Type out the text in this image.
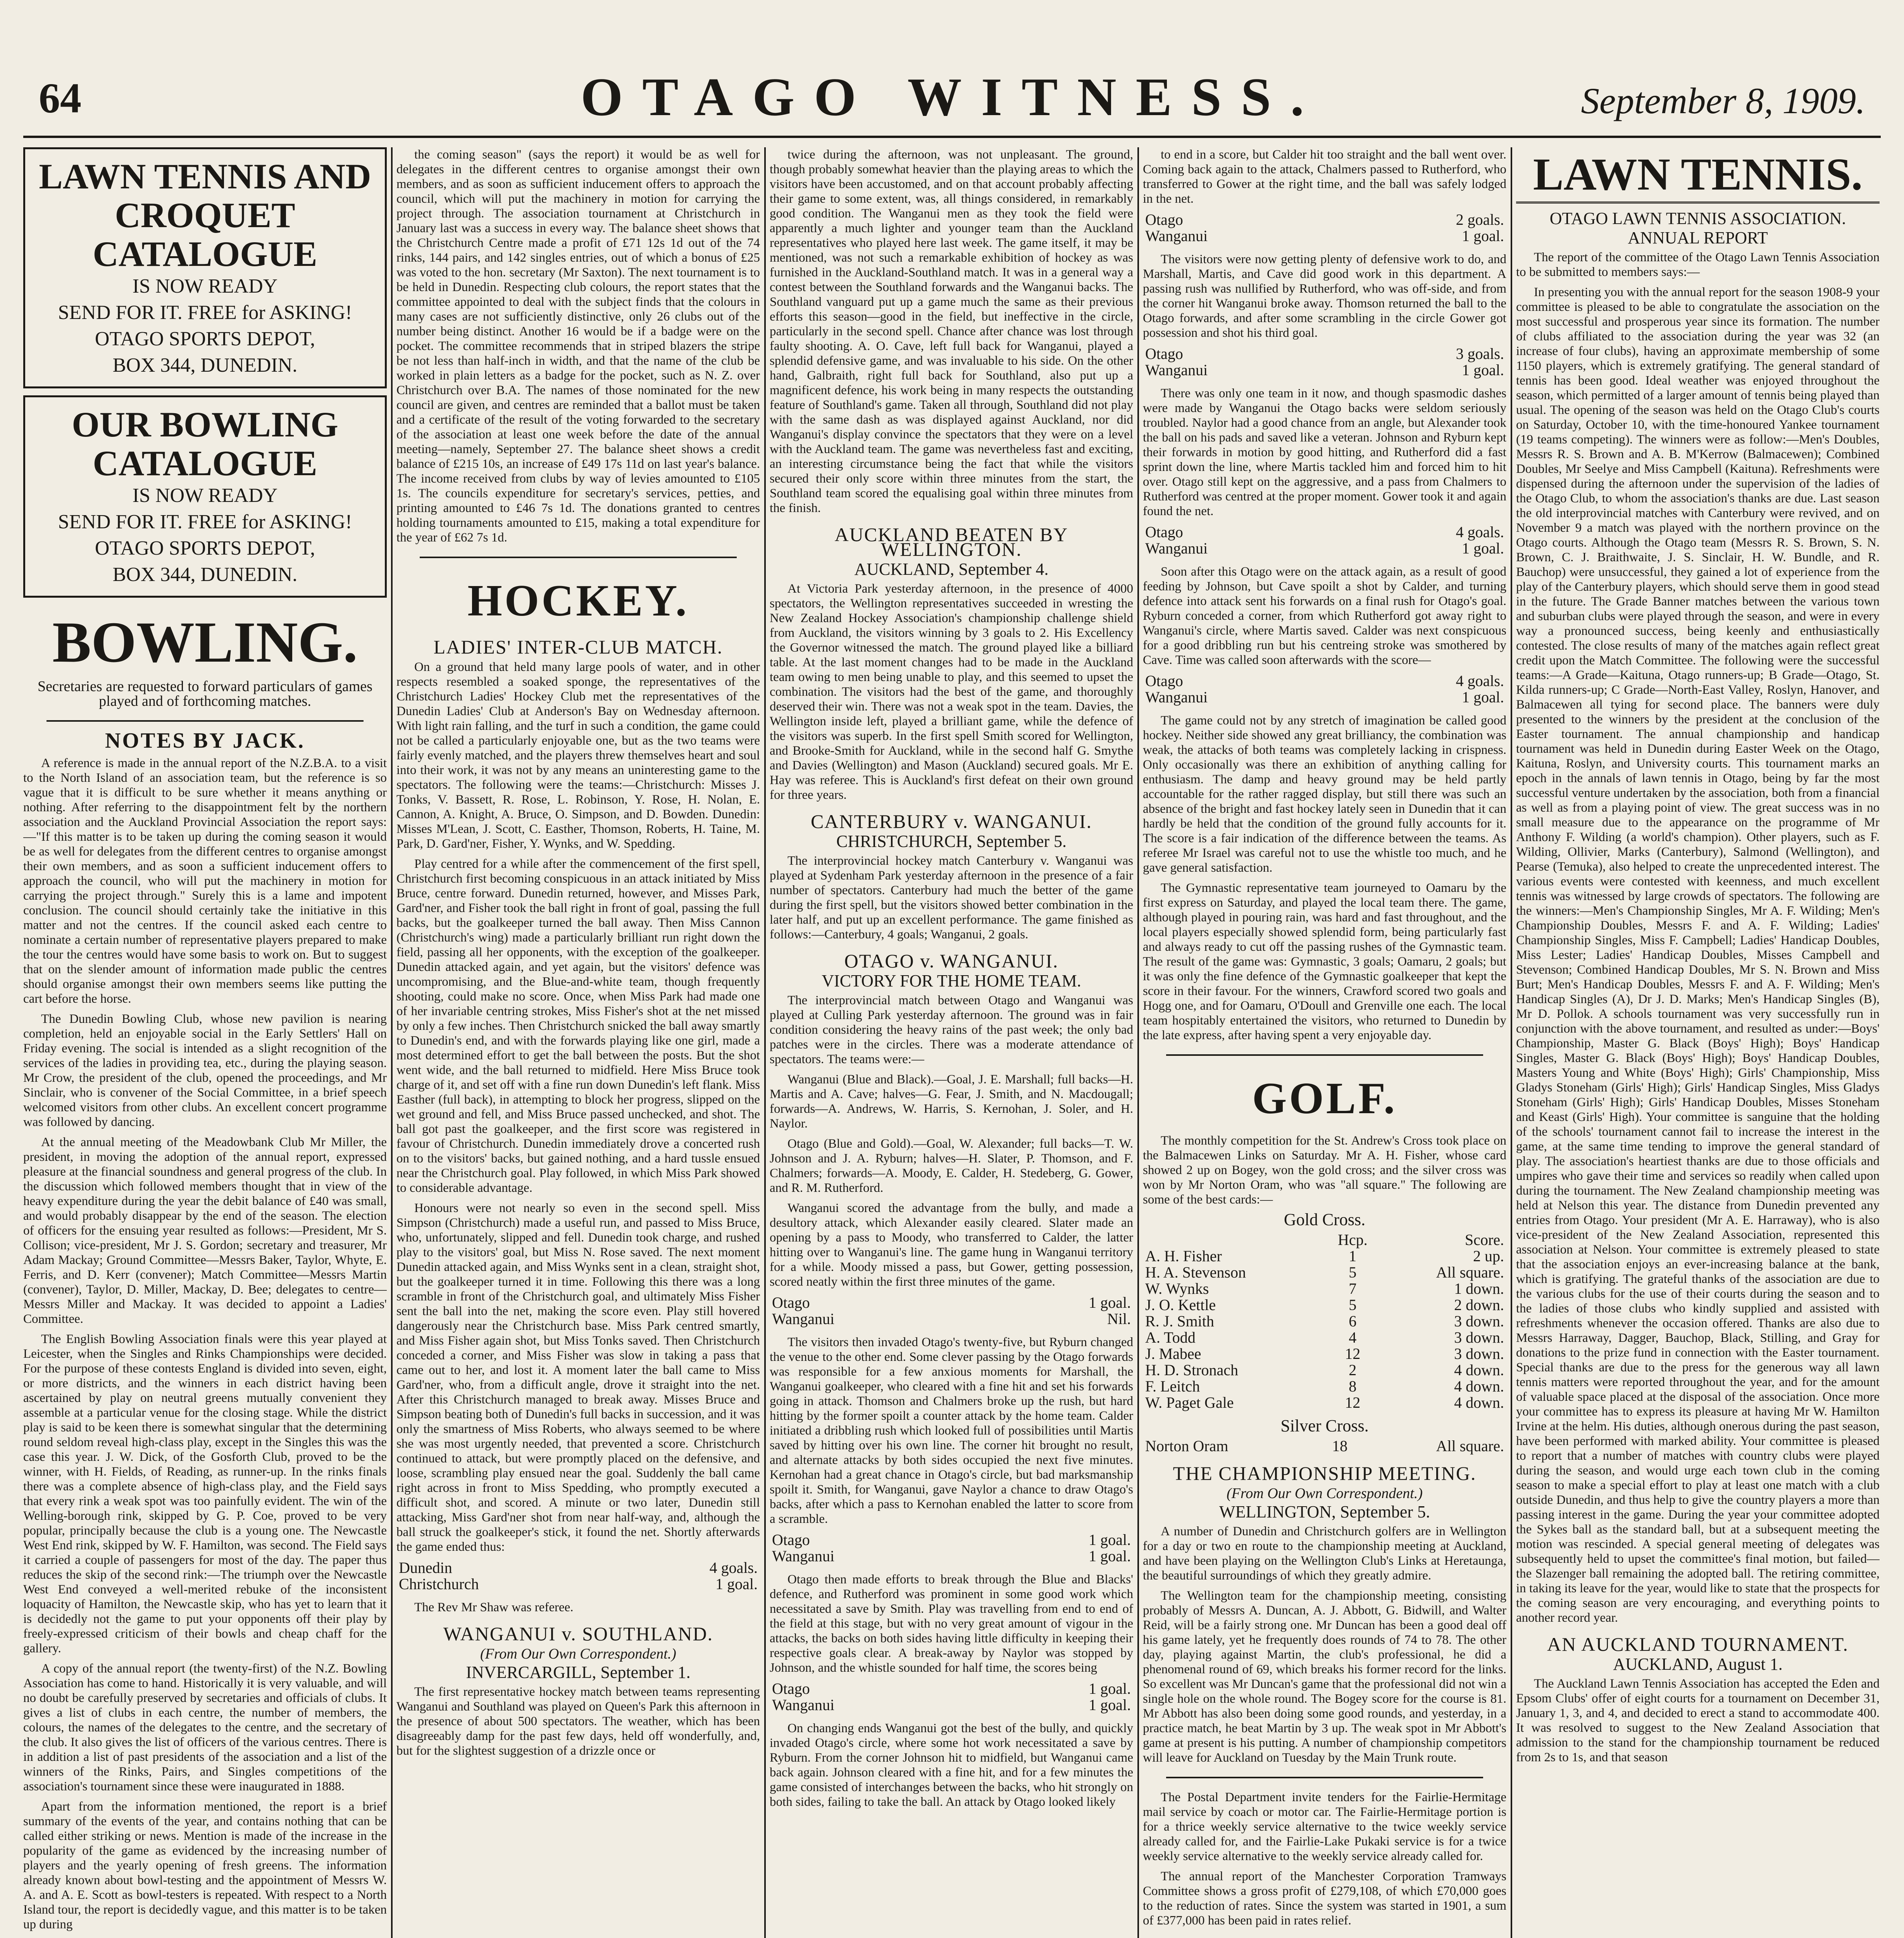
64	OTAGO WITNESS.	September 8, 1909.
LAWN TENNIS AND CROQUET
CATALOGUE
IS NOW READY
SEND FOR IT. FREE for ASKING!
OTAGO SPORTS DEPOT,
BOX 344, DUNEDIN.
OUR BOWLING CATALOGUE
IS NOW READY
SEND FOR IT. FREE for ASKING!
OTAGO SPORTS DEPOT,
BOX 344, DUNEDIN.
BOWLING.
Secretaries are requested to forward particulars of games played and of forthcoming matches.
NOTES BY JACK.

A reference is made in the annual report of the N.Z.B.A. to a visit to the North Island of an association team, but the reference is so vague that it is difficult to be sure whether it means anything or nothing. After referring to the disappointment felt by the northern association and the Auckland Provincial Association the report says:—"If this matter is to be taken up during the coming season it would be as well for delegates from the different centres to organise amongst their own members, and as soon a sufficient inducement offers to approach the council, who will put the machinery in motion for carrying the project through." Surely this is a lame and impotent conclusion. The council should certainly take the initiative in this matter and not the centres. If the council asked each centre to nominate a certain number of representative players prepared to make the tour the centres would have some basis to work on. But to suggest that on the slender amount of information made public the centres should organise amongst their own members seems like putting the cart before the horse.

The Dunedin Bowling Club, whose new pavilion is nearing completion, held an enjoyable social in the Early Settlers' Hall on Friday evening. The social is intended as a slight recognition of the services of the ladies in providing tea, etc., during the playing season. Mr Crow, the president of the club, opened the proceedings, and Mr Sinclair, who is convener of the Social Committee, in a brief speech welcomed visitors from other clubs. An excellent concert programme was followed by dancing.

At the annual meeting of the Meadowbank Club Mr Miller, the president, in moving the adoption of the annual report, expressed pleasure at the financial soundness and general progress of the club. In the discussion which followed members thought that in view of the heavy expenditure during the year the debit balance of £40 was small, and would probably disappear by the end of the season. The election of officers for the ensuing year resulted as follows:—President, Mr S. Collison; vice-president, Mr J. S. Gordon; secretary and treasurer, Mr Adam Mackay; Ground Committee—Messrs Baker, Taylor, Whyte, E. Ferris, and D. Kerr (convener); Match Committee—Messrs Martin (convener), Taylor, D. Miller, Mackay, D. Bee; delegates to centre—Messrs Miller and Mackay. It was decided to appoint a Ladies' Committee.

The English Bowling Association finals were this year played at Leicester, when the Singles and Rinks Championships were decided. For the purpose of these contests England is divided into seven, eight, or more districts, and the winners in each district having been ascertained by play on neutral greens mutually convenient they assemble at a particular venue for the closing stage. While the district play is said to be keen there is somewhat singular that the determining round seldom reveal high-class play, except in the Singles this was the case this year. J. W. Dick, of the Gosforth Club, proved to be the winner, with H. Fields, of Reading, as runner-up. In the rinks finals there was a complete absence of high-class play, and the Field says that every rink a weak spot was too painfully evident. The win of the Welling-borough rink, skipped by G. P. Coe, proved to be very popular, principally because the club is a young one. The Newcastle West End rink, skipped by W. F. Hamilton, was second. The Field says it carried a couple of passengers for most of the day. The paper thus reduces the skip of the second rink:—The triumph over the Newcastle West End conveyed a well-merited rebuke of the inconsistent loquacity of Hamilton, the Newcastle skip, who has yet to learn that it is decidedly not the game to put your opponents off their play by freely-expressed criticism of their bowls and cheap chaff for the gallery.

A copy of the annual report (the twenty-first) of the N.Z. Bowling Association has come to hand. Historically it is very valuable, and will no doubt be carefully preserved by secretaries and officials of clubs. It gives a list of clubs in each centre, the number of members, the colours, the names of the delegates to the centre, and the secretary of the club. It also gives the list of officers of the various centres. There is in addition a list of past presidents of the association and a list of the winners of the Rinks, Pairs, and Singles competitions of the association's tournament since these were inaugurated in 1888.

Apart from the information mentioned, the report is a brief summary of the events of the year, and contains nothing that can be called either striking or news. Mention is made of the increase in the popularity of the game as evidenced by the increasing number of players and the yearly opening of fresh greens. The information already known about bowl-testing and the appointment of Messrs W. A. and A. E. Scott as bowl-testers is repeated. With respect to a North Island tour, the report is decidedly vague, and this matter is to be taken up during

the coming season" (says the report) it would be as well for delegates in the different centres to organise amongst their own members, and as soon as sufficient inducement offers to approach the council, which will put the machinery in motion for carrying the project through. The association tournament at Christchurch in January last was a success in every way. The balance sheet shows that the Christchurch Centre made a profit of £71 12s 1d out of the 74 rinks, 144 pairs, and 142 singles entries, out of which a bonus of £25 was voted to the hon. secretary (Mr Saxton). The next tournament is to be held in Dunedin. Respecting club colours, the report states that the committee appointed to deal with the subject finds that the colours in many cases are not sufficiently distinctive, only 26 clubs out of the number being distinct. Another 16 would be if a badge were on the pocket. The committee recommends that in striped blazers the stripe be not less than half-inch in width, and that the name of the club be worked in plain letters as a badge for the pocket, such as N. Z. over Christchurch over B.A. The names of those nominated for the new council are given, and centres are reminded that a ballot must be taken and a certificate of the result of the voting forwarded to the secretary of the association at least one week before the date of the annual meeting—namely, September 27. The balance sheet shows a credit balance of £215 10s, an increase of £49 17s 11d on last year's balance. The income received from clubs by way of levies amounted to £105 1s. The councils expenditure for secretary's services, petties, and printing amounted to £46 7s 1d. The donations granted to centres holding tournaments amounted to £15, making a total expenditure for the year of £62 7s 1d.

HOCKEY.
LADIES' INTER-CLUB MATCH.

On a ground that held many large pools of water, and in other respects resembled a soaked sponge, the representatives of the Christchurch Ladies' Hockey Club met the representatives of the Dunedin Ladies' Club at Anderson's Bay on Wednesday afternoon. With light rain falling, and the turf in such a condition, the game could not be called a particularly enjoyable one, but as the two teams were fairly evenly matched, and the players threw themselves heart and soul into their work, it was not by any means an uninteresting game to the spectators. The following were the teams:—Christchurch: Misses J. Tonks, V. Bassett, R. Rose, L. Robinson, Y. Rose, H. Nolan, E. Cannon, A. Knight, A. Bruce, O. Simpson, and D. Bowden. Dunedin: Misses M'Lean, J. Scott, C. Easther, Thomson, Roberts, H. Taine, M. Park, D. Gard'ner, Fisher, Y. Wynks, and W. Spedding.

Play centred for a while after the commencement of the first spell, Christchurch first becoming conspicuous in an attack initiated by Miss Bruce, centre forward. Dunedin returned, however, and Misses Park, Gard'ner, and Fisher took the ball right in front of goal, passing the full backs, but the goalkeeper turned the ball away. Then Miss Cannon (Christchurch's wing) made a particularly brilliant run right down the field, passing all her opponents, with the exception of the goalkeeper. Dunedin attacked again, and yet again, but the visitors' defence was uncompromising, and the Blue-and-white team, though frequently shooting, could make no score. Once, when Miss Park had made one of her invariable centring strokes, Miss Fisher's shot at the net missed by only a few inches. Then Christchurch snicked the ball away smartly to Dunedin's end, and with the forwards playing like one girl, made a most determined effort to get the ball between the posts. But the shot went wide, and the ball returned to midfield. Here Miss Bruce took charge of it, and set off with a fine run down Dunedin's left flank. Miss Easther (full back), in attempting to block her progress, slipped on the wet ground and fell, and Miss Bruce passed unchecked, and shot. The ball got past the goalkeeper, and the first score was registered in favour of Christchurch. Dunedin immediately drove a concerted rush on to the visitors' backs, but gained nothing, and a hard tussle ensued near the Christchurch goal. Play followed, in which Miss Park showed to considerable advantage.

Honours were not nearly so even in the second spell. Miss Simpson (Christchurch) made a useful run, and passed to Miss Bruce, who, unfortunately, slipped and fell. Dunedin took charge, and rushed play to the visitors' goal, but Miss N. Rose saved. The next moment Dunedin attacked again, and Miss Wynks sent in a clean, straight shot, but the goalkeeper turned it in time. Following this there was a long scramble in front of the Christchurch goal, and ultimately Miss Fisher sent the ball into the net, making the score even. Play still hovered dangerously near the Christchurch base. Miss Park centred smartly, and Miss Fisher again shot, but Miss Tonks saved. Then Christchurch conceded a corner, and Miss Fisher was slow in taking a pass that came out to her, and lost it. A moment later the ball came to Miss Gard'ner, who, from a difficult angle, drove it straight into the net. After this Christchurch managed to break away. Misses Bruce and Simpson beating both of Dunedin's full backs in succession, and it was only the smartness of Miss Roberts, who always seemed to be where she was most urgently needed, that prevented a score. Christchurch continued to attack, but were promptly placed on the defensive, and loose, scrambling play ensued near the goal. Suddenly the ball came right across in front to Miss Spedding, who promptly executed a difficult shot, and scored. A minute or two later, Dunedin still attacking, Miss Gard'ner shot from near half-way, and, although the ball struck the goalkeeper's stick, it found the net. Shortly afterwards the game ended thus:

Dunedin	4 goals.
Christchurch	1 goal.

The Rev Mr Shaw was referee.

WANGANUI v. SOUTHLAND.
(From Our Own Correspondent.)
INVERCARGILL, September 1.

The first representative hockey match between teams representing Wanganui and Southland was played on Queen's Park this afternoon in the presence of about 500 spectators. The weather, which has been disagreeably damp for the past few days, held off wonderfully, and, but for the slightest suggestion of a drizzle once or

twice during the afternoon, was not unpleasant. The ground, though probably somewhat heavier than the playing areas to which the visitors have been accustomed, and on that account probably affecting their game to some extent, was, all things considered, in remarkably good condition. The Wanganui men as they took the field were apparently a much lighter and younger team than the Auckland representatives who played here last week. The game itself, it may be mentioned, was not such a remarkable exhibition of hockey as was furnished in the Auckland-Southland match. It was in a general way a contest between the Southland forwards and the Wanganui backs. The Southland vanguard put up a game much the same as their previous efforts this season—good in the field, but ineffective in the circle, particularly in the second spell. Chance after chance was lost through faulty shooting. A. O. Cave, left full back for Wanganui, played a splendid defensive game, and was invaluable to his side. On the other hand, Galbraith, right full back for Southland, also put up a magnificent defence, his work being in many respects the outstanding feature of Southland's game. Taken all through, Southland did not play with the same dash as was displayed against Auckland, nor did Wanganui's display convince the spectators that they were on a level with the Auckland team. The game was nevertheless fast and exciting, an interesting circumstance being the fact that while the visitors secured their only score within three minutes from the start, the Southland team scored the equalising goal within three minutes from the finish.

AUCKLAND BEATEN BY WELLINGTON.
AUCKLAND, September 4.

At Victoria Park yesterday afternoon, in the presence of 4000 spectators, the Wellington representatives succeeded in wresting the New Zealand Hockey Association's championship challenge shield from Auckland, the visitors winning by 3 goals to 2. His Excellency the Governor witnessed the match. The ground played like a billiard table. At the last moment changes had to be made in the Auckland team owing to men being unable to play, and this seemed to upset the combination. The visitors had the best of the game, and thoroughly deserved their win. There was not a weak spot in the team. Davies, the Wellington inside left, played a brilliant game, while the defence of the visitors was superb. In the first spell Smith scored for Wellington, and Brooke-Smith for Auckland, while in the second half G. Smythe and Davies (Wellington) and Mason (Auckland) secured goals. Mr E. Hay was referee. This is Auckland's first defeat on their own ground for three years.

CANTERBURY v. WANGANUI.
CHRISTCHURCH, September 5.

The interprovincial hockey match Canterbury v. Wanganui was played at Sydenham Park yesterday afternoon in the presence of a fair number of spectators. Canterbury had much the better of the game during the first spell, but the visitors showed better combination in the later half, and put up an excellent performance. The game finished as follows:—Canterbury, 4 goals; Wanganui, 2 goals.

OTAGO v. WANGANUI.
VICTORY FOR THE HOME TEAM.

The interprovincial match between Otago and Wanganui was played at Culling Park yesterday afternoon. The ground was in fair condition considering the heavy rains of the past week; the only bad patches were in the circles. There was a moderate attendance of spectators. The teams were:—

Wanganui (Blue and Black).—Goal, J. E. Marshall; full backs—H. Martis and A. Cave; halves—G. Fear, J. Smith, and N. Macdougall; forwards—A. Andrews, W. Harris, S. Kernohan, J. Soler, and H. Naylor.

Otago (Blue and Gold).—Goal, W. Alexander; full backs—T. W. Johnson and J. A. Ryburn; halves—H. Slater, P. Thomson, and F. Chalmers; forwards—A. Moody, E. Calder, H. Stedeberg, G. Gower, and R. M. Rutherford.

Wanganui scored the advantage from the bully, and made a desultory attack, which Alexander easily cleared. Slater made an opening by a pass to Moody, who transferred to Calder, the latter hitting over to Wanganui's line. The game hung in Wanganui territory for a while. Moody missed a pass, but Gower, getting possession, scored neatly within the first three minutes of the game.

Otago	1 goal.
Wanganui	Nil.

The visitors then invaded Otago's twenty-five, but Ryburn changed the venue to the other end. Some clever passing by the Otago forwards was responsible for a few anxious moments for Marshall, the Wanganui goalkeeper, who cleared with a fine hit and set his forwards going in attack. Thomson and Chalmers broke up the rush, but hard hitting by the former spoilt a counter attack by the home team. Calder initiated a dribbling rush which looked full of possibilities until Martis saved by hitting over his own line. The corner hit brought no result, and alternate attacks by both sides occupied the next five minutes. Kernohan had a great chance in Otago's circle, but bad marksmanship spoilt it. Smith, for Wanganui, gave Naylor a chance to draw Otago's backs, after which a pass to Kernohan enabled the latter to score from a scramble.

Otago	1 goal.
Wanganui	1 goal.

Otago then made efforts to break through the Blue and Blacks' defence, and Rutherford was prominent in some good work which necessitated a save by Smith. Play was travelling from end to end of the field at this stage, but with no very great amount of vigour in the attacks, the backs on both sides having little difficulty in keeping their respective goals clear. A break-away by Naylor was stopped by Johnson, and the whistle sounded for half time, the scores being

Otago	1 goal.
Wanganui	1 goal.

On changing ends Wanganui got the best of the bully, and quickly invaded Otago's circle, where some hot work necessitated a save by Ryburn. From the corner Johnson hit to midfield, but Wanganui came back again. Johnson cleared with a fine hit, and for a few minutes the game consisted of interchanges between the backs, who hit strongly on both sides, failing to take the ball. An attack by Otago looked likely

to end in a score, but Calder hit too straight and the ball went over. Coming back again to the attack, Chalmers passed to Rutherford, who transferred to Gower at the right time, and the ball was safely lodged in the net.

Otago	2 goals.
Wanganui	1 goal.

The visitors were now getting plenty of defensive work to do, and Marshall, Martis, and Cave did good work in this department. A passing rush was nullified by Rutherford, who was off-side, and from the corner hit Wanganui broke away. Thomson returned the ball to the Otago forwards, and after some scrambling in the circle Gower got possession and shot his third goal.

Otago	3 goals.
Wanganui	1 goal.

There was only one team in it now, and though spasmodic dashes were made by Wanganui the Otago backs were seldom seriously troubled. Naylor had a good chance from an angle, but Alexander took the ball on his pads and saved like a veteran. Johnson and Ryburn kept their forwards in motion by good hitting, and Rutherford did a fast sprint down the line, where Martis tackled him and forced him to hit over. Otago still kept on the aggressive, and a pass from Chalmers to Rutherford was centred at the proper moment. Gower took it and again found the net.

Otago	4 goals.
Wanganui	1 goal.

Soon after this Otago were on the attack again, as a result of good feeding by Johnson, but Cave spoilt a shot by Calder, and turning defence into attack sent his forwards on a final rush for Otago's goal. Ryburn conceded a corner, from which Rutherford got away right to Wanganui's circle, where Martis saved. Calder was next conspicuous for a good dribbling run but his centreing stroke was smothered by Cave. Time was called soon afterwards with the score—

Otago	4 goals.
Wanganui	1 goal.

The game could not by any stretch of imagination be called good hockey. Neither side showed any great brilliancy, the combination was weak, the attacks of both teams was completely lacking in crispness. Only occasionally was there an exhibition of anything calling for enthusiasm. The damp and heavy ground may be held partly accountable for the rather ragged display, but still there was such an absence of the bright and fast hockey lately seen in Dunedin that it can hardly be held that the condition of the ground fully accounts for it. The score is a fair indication of the difference between the teams. As referee Mr Israel was careful not to use the whistle too much, and he gave general satisfaction.

The Gymnastic representative team journeyed to Oamaru by the first express on Saturday, and played the local team there. The game, although played in pouring rain, was hard and fast throughout, and the local players especially showed splendid form, being particularly fast and always ready to cut off the passing rushes of the Gymnastic team. The result of the game was: Gymnastic, 3 goals; Oamaru, 2 goals; but it was only the fine defence of the Gymnastic goalkeeper that kept the score in their favour. For the winners, Crawford scored two goals and Hogg one, and for Oamaru, O'Doull and Grenville one each. The local team hospitably entertained the visitors, who returned to Dunedin by the late express, after having spent a very enjoyable day.

GOLF.

The monthly competition for the St. Andrew's Cross took place on the Balmacewen Links on Saturday. Mr A. H. Fisher, whose card showed 2 up on Bogey, won the gold cross; and the silver cross was won by Mr Norton Oram, who was "all square." The following are some of the best cards:—

Gold Cross.
	Hcp.	Score.
A. H. Fisher	1	2 up.
H. A. Stevenson	5	All square.
W. Wynks	7	1 down.
J. O. Kettle	5	2 down.
R. J. Smith	6	3 down.
A. Todd	4	3 down.
J. Mabee	12	3 down.
H. D. Stronach	2	4 down.
F. Leitch	8	4 down.
W. Paget Gale	12	4 down.
Silver Cross.
Norton Oram	18	All square.
THE CHAMPIONSHIP MEETING.
(From Our Own Correspondent.)
WELLINGTON, September 5.

A number of Dunedin and Christchurch golfers are in Wellington for a day or two en route to the championship meeting at Auckland, and have been playing on the Wellington Club's Links at Heretaunga, the beautiful surroundings of which they greatly admire.

The Wellington team for the championship meeting, consisting probably of Messrs A. Duncan, A. J. Abbott, G. Bidwill, and Walter Reid, will be a fairly strong one. Mr Duncan has been a good deal off his game lately, yet he frequently does rounds of 74 to 78. The other day, playing against Martin, the club's professional, he did a phenomenal round of 69, which breaks his former record for the links. So excellent was Mr Duncan's game that the professional did not win a single hole on the whole round. The Bogey score for the course is 81. Mr Abbott has also been doing some good rounds, and yesterday, in a practice match, he beat Martin by 3 up. The weak spot in Mr Abbott's game at present is his putting. A number of championship competitors will leave for Auckland on Tuesday by the Main Trunk route.

The Postal Department invite tenders for the Fairlie-Hermitage mail service by coach or motor car. The Fairlie-Hermitage portion is for a thrice weekly service alternative to the twice weekly service already called for, and the Fairlie-Lake Pukaki service is for a twice weekly service alternative to the weekly service already called for.

The annual report of the Manchester Corporation Tramways Committee shows a gross profit of £279,108, of which £70,000 goes to the reduction of rates. Since the system was started in 1901, a sum of £377,000 has been paid in rates relief.

LAWN TENNIS.
OTAGO LAWN TENNIS ASSOCIATION.
ANNUAL REPORT

The report of the committee of the Otago Lawn Tennis Association to be submitted to members says:—

In presenting you with the annual report for the season 1908-9 your committee is pleased to be able to congratulate the association on the most successful and prosperous year since its formation. The number of clubs affiliated to the association during the year was 32 (an increase of four clubs), having an approximate membership of some 1150 players, which is extremely gratifying. The general standard of tennis has been good. Ideal weather was enjoyed throughout the season, which permitted of a larger amount of tennis being played than usual. The opening of the season was held on the Otago Club's courts on Saturday, October 10, with the time-honoured Yankee tournament (19 teams competing). The winners were as follow:—Men's Doubles, Messrs R. S. Brown and A. B. M'Kerrow (Balmacewen); Combined Doubles, Mr Seelye and Miss Campbell (Kaituna). Refreshments were dispensed during the afternoon under the supervision of the ladies of the Otago Club, to whom the association's thanks are due. Last season the old interprovincial matches with Canterbury were revived, and on November 9 a match was played with the northern province on the Otago courts. Although the Otago team (Messrs R. S. Brown, S. N. Brown, C. J. Braithwaite, J. S. Sinclair, H. W. Bundle, and R. Bauchop) were unsuccessful, they gained a lot of experience from the play of the Canterbury players, which should serve them in good stead in the future. The Grade Banner matches between the various town and suburban clubs were played through the season, and were in every way a pronounced success, being keenly and enthusiastically contested. The close results of many of the matches again reflect great credit upon the Match Committee. The following were the successful teams:—A Grade—Kaituna, Otago runners-up; B Grade—Otago, St. Kilda runners-up; C Grade—North-East Valley, Roslyn, Hanover, and Balmacewen all tying for second place. The banners were duly presented to the winners by the president at the conclusion of the Easter tournament. The annual championship and handicap tournament was held in Dunedin during Easter Week on the Otago, Kaituna, Roslyn, and University courts. This tournament marks an epoch in the annals of lawn tennis in Otago, being by far the most successful venture undertaken by the association, both from a financial as well as from a playing point of view. The great success was in no small measure due to the appearance on the programme of Mr Anthony F. Wilding (a world's champion). Other players, such as F. Wilding, Ollivier, Marks (Canterbury), Salmond (Wellington), and Pearse (Temuka), also helped to create the unprecedented interest. The various events were contested with keenness, and much excellent tennis was witnessed by large crowds of spectators. The following are the winners:—Men's Championship Singles, Mr A. F. Wilding; Men's Championship Doubles, Messrs F. and A. F. Wilding; Ladies' Championship Singles, Miss F. Campbell; Ladies' Handicap Doubles, Miss Lester; Ladies' Handicap Doubles, Misses Campbell and Stevenson; Combined Handicap Doubles, Mr S. N. Brown and Miss Burt; Men's Handicap Doubles, Messrs F. and A. F. Wilding; Men's Handicap Singles (A), Dr J. D. Marks; Men's Handicap Singles (B), Mr D. Pollok. A schools tournament was very successfully run in conjunction with the above tournament, and resulted as under:—Boys' Championship, Master G. Black (Boys' High); Boys' Handicap Singles, Master G. Black (Boys' High); Boys' Handicap Doubles, Masters Young and White (Boys' High); Girls' Championship, Miss Gladys Stoneham (Girls' High); Girls' Handicap Singles, Miss Gladys Stoneham (Girls' High); Girls' Handicap Doubles, Misses Stoneham and Keast (Girls' High). Your committee is sanguine that the holding of the schools' tournament cannot fail to increase the interest in the game, at the same time tending to improve the general standard of play. The association's heartiest thanks are due to those officials and umpires who gave their time and services so readily when called upon during the tournament. The New Zealand championship meeting was held at Nelson this year. The distance from Dunedin prevented any entries from Otago. Your president (Mr A. E. Harraway), who is also vice-president of the New Zealand Association, represented this association at Nelson. Your committee is extremely pleased to state that the association enjoys an ever-increasing balance at the bank, which is gratifying. The grateful thanks of the association are due to the various clubs for the use of their courts during the season and to the ladies of those clubs who kindly supplied and assisted with refreshments whenever the occasion offered. Thanks are also due to Messrs Harraway, Dagger, Bauchop, Black, Stilling, and Gray for donations to the prize fund in connection with the Easter tournament. Special thanks are due to the press for the generous way all lawn tennis matters were reported throughout the year, and for the amount of valuable space placed at the disposal of the association. Once more your committee has to express its pleasure at having Mr W. Hamilton Irvine at the helm. His duties, although onerous during the past season, have been performed with marked ability. Your committee is pleased to report that a number of matches with country clubs were played during the season, and would urge each town club in the coming season to make a special effort to play at least one match with a club outside Dunedin, and thus help to give the country players a more than passing interest in the game. During the year your committee adopted the Sykes ball as the standard ball, but at a subsequent meeting the motion was rescinded. A special general meeting of delegates was subsequently held to upset the committee's final motion, but failed—the Slazenger ball remaining the adopted ball. The retiring committee, in taking its leave for the year, would like to state that the prospects for the coming season are very encouraging, and everything points to another record year.

AN AUCKLAND TOURNAMENT.
AUCKLAND, August 1.

The Auckland Lawn Tennis Association has accepted the Eden and Epsom Clubs' offer of eight courts for a tournament on December 31, January 1, 3, and 4, and decided to erect a stand to accommodate 400. It was resolved to suggest to the New Zealand Association that admission to the stand for the championship tournament be reduced from 2s to 1s, and that season
